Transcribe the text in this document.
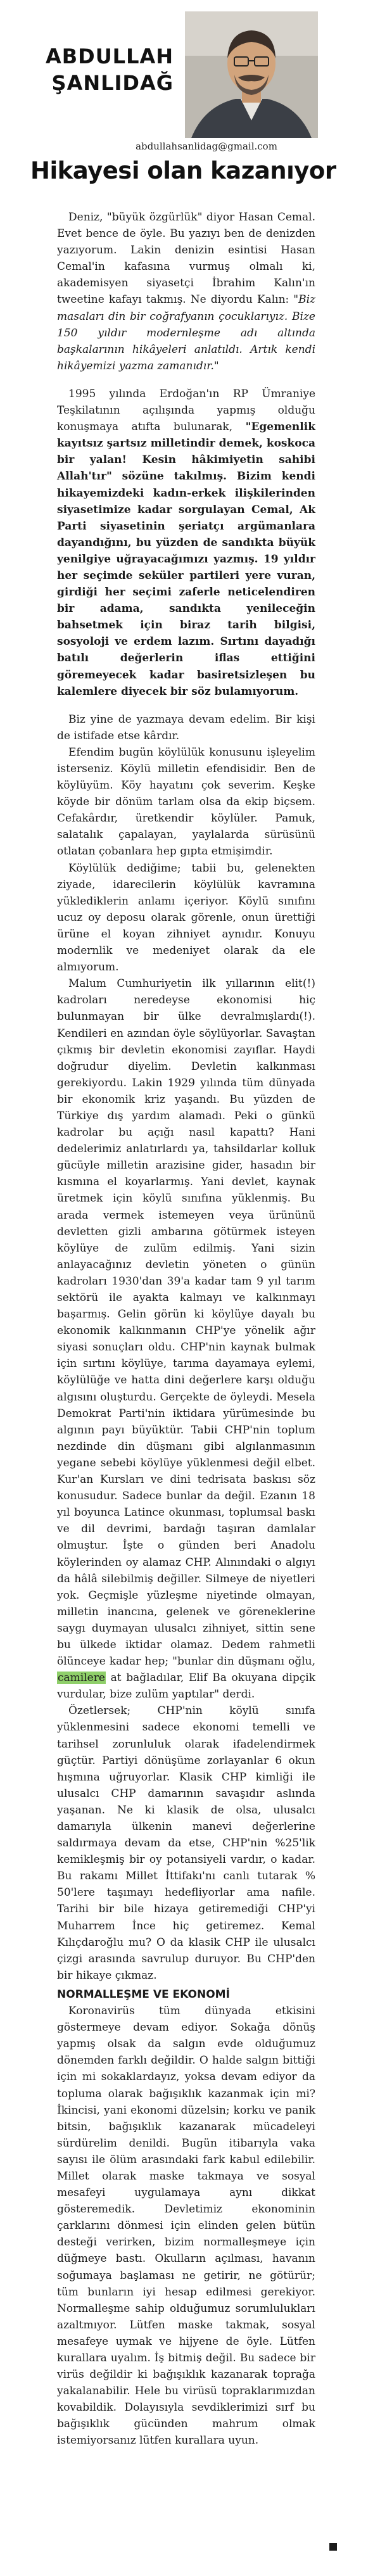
ABDULLAH
ŞANLIDAĞ
abdullahsanlidag@gmail.com
Hikayesi olan kazanıyor

Deniz, "büyük özgürlük" diyor Hasan Cemal. Evet bence de öyle. Bu yazıyı ben de denizden yazıyorum. Lakin denizin esintisi Hasan Cemal'in kafasına vurmuş olmalı ki, akademisyen siyasetçi İbrahim Kalın'ın tweetine kafayı takmış. Ne diyordu Kalın: "Biz masaları din bir coğrafyanın çocuklarıyız. Bize 150 yıldır modernleşme adı altında başkalarının hikâyeleri anlatıldı. Artık kendi hikâyemizi yazma zamanıdır."

1995 yılında Erdoğan'ın RP Ümraniye Teşkilatının açılışında yapmış olduğu konuşmaya atıfta bulunarak, "Egemenlik kayıtsız şartsız milletindir demek, koskoca bir yalan! Kesin hâkimiyetin sahibi Allah'tır" sözüne takılmış. Bizim kendi hikayemizdeki kadın-erkek ilişkilerinden siyasetimize kadar sorgulayan Cemal, Ak Parti siyasetinin şeriatçı argümanlara dayandığını, bu yüzden de sandıkta büyük yenilgiye uğrayacağımızı yazmış. 19 yıldır her seçimde seküler partileri yere vuran, girdiği her seçimi zaferle neticelendiren bir adama, sandıkta yenileceğin bahsetmek için biraz tarih bilgisi, sosyoloji ve erdem lazım. Sırtını dayadığı batılı değerlerin iflas ettiğini göremeyecek kadar basiretsizleşen bu kalemlere diyecek bir söz bulamıyorum.

Biz yine de yazmaya devam edelim. Bir kişi de istifade etse kârdır.

Efendim bugün köylülük konusunu işleyelim isterseniz. Köylü milletin efendisidir. Ben de köylüyüm. Köy hayatını çok severim. Keşke köyde bir dönüm tarlam olsa da ekip biçsem. Cefakârdır, üretkendir köylüler. Pamuk, salatalık çapalayan, yaylalarda sürüsünü otlatan çobanlara hep gıpta etmişimdir.

Köylülük dediğime; tabii bu, gelenekten ziyade, idarecilerin köylülük kavramına yüklediklerin anlamı içeriyor. Köylü sınıfını ucuz oy deposu olarak görenle, onun ürettiği ürüne el koyan zihniyet aynıdır. Konuyu modernlik ve medeniyet olarak da ele almıyorum.

Malum Cumhuriyetin ilk yıllarının elit(!) kadroları neredeyse ekonomisi hiç bulunmayan bir ülke devralmışlardı(!). Kendileri en azından öyle söylüyorlar. Savaştan çıkmış bir devletin ekonomisi zayıflar. Haydi doğrudur diyelim. Devletin kalkınması gerekiyordu. Lakin 1929 yılında tüm dünyada bir ekonomik kriz yaşandı. Bu yüzden de Türkiye dış yardım alamadı. Peki o günkü kadrolar bu açığı nasıl kapattı? Hani dedelerimiz anlatırlardı ya, tahsildarlar kolluk gücüyle milletin arazisine gider, hasadın bir kısmına el koyarlarmış. Yani devlet, kaynak üretmek için köylü sınıfına yüklenmiş. Bu arada vermek istemeyen veya ürününü devletten gizli ambarına götürmek isteyen köylüye de zulüm edilmiş. Yani sizin anlayacağınız devletin yöneten o günün kadroları 1930'dan 39'a kadar tam 9 yıl tarım sektörü ile ayakta kalmayı ve kalkınmayı başarmış. Gelin görün ki köylüye dayalı bu ekonomik kalkınmanın CHP'ye yönelik ağır siyasi sonuçları oldu. CHP'nin kaynak bulmak için sırtını köylüye, tarıma dayamaya eylemi, köylülüğe ve hatta dini değerlere karşı olduğu algısını oluşturdu. Gerçekte de öyleydi. Mesela Demokrat Parti'nin iktidara yürümesinde bu algının payı büyüktür. Tabii CHP'nin toplum nezdinde din düşmanı gibi algılanmasının yegane sebebi köylüye yüklenmesi değil elbet. Kur'an Kursları ve dini tedrisata baskısı söz konusudur. Sadece bunlar da değil. Ezanın 18 yıl boyunca Latince okunması, toplumsal baskı ve dil devrimi, bardağı taşıran damlalar olmuştur. İşte o günden beri Anadolu köylerinden oy alamaz CHP. Alınındaki o algıyı da hâlâ silebilmiş değiller. Silmeye de niyetleri yok. Geçmişle yüzleşme niyetinde olmayan, milletin inancına, gelenek ve göreneklerine saygı duymayan ulusalcı zihniyet, sittin sene bu ülkede iktidar olamaz. Dedem rahmetli ölünceye kadar hep; "bunlar din düşmanı oğlu, camilere at bağladılar, Elif Ba okuyana dipçik vurdular, bize zulüm yaptılar" derdi.

Özetlersek; CHP'nin köylü sınıfa yüklenmesini sadece ekonomi temelli ve tarihsel zorunluluk olarak ifadelendirmek güçtür. Partiyi dönüşüme zorlayanlar 6 okun hışmına uğruyorlar. Klasik CHP kimliği ile ulusalcı CHP damarının savaşıdır aslında yaşanan. Ne ki klasik de olsa, ulusalcı damarıyla ülkenin manevi değerlerine saldırmaya devam da etse, CHP'nin %25'lik kemikleşmiş bir oy potansiyeli vardır, o kadar. Bu rakamı Millet İttifakı'nı canlı tutarak % 50'lere taşımayı hedefliyorlar ama nafile. Tarihi bir bile hizaya getiremediği CHP'yi Muharrem İnce hiç getiremez. Kemal Kılıçdaroğlu mu? O da klasik CHP ile ulusalcı çizgi arasında savrulup duruyor. Bu CHP'den bir hikaye çıkmaz.

NORMALLEŞME VE EKONOMİ

Koronavirüs tüm dünyada etkisini göstermeye devam ediyor. Sokağa dönüş yapmış olsak da salgın evde olduğumuz dönemden farklı değildir. O halde salgın bittiği için mi sokaklardayız, yoksa devam ediyor da topluma olarak bağışıklık kazanmak için mi? İkincisi, yani ekonomi düzelsin; korku ve panik bitsin, bağışıklık kazanarak mücadeleyi sürdürelim denildi. Bugün itibarıyla vaka sayısı ile ölüm arasındaki fark kabul edilebilir. Millet olarak maske takmaya ve sosyal mesafeyi uygulamaya aynı dikkat gösteremedik. Devletimiz ekonominin çarklarını dönmesi için elinden gelen bütün desteği verirken, bizim normalleşmeye için düğmeye bastı. Okulların açılması, havanın soğumaya başlaması ne getirir, ne götürür; tüm bunların iyi hesap edilmesi gerekiyor. Normalleşme sahip olduğumuz sorumlulukları azaltmıyor. Lütfen maske takmak, sosyal mesafeye uymak ve hijyene de öyle. Lütfen kurallara uyalım. İş bitmiş değil. Bu sadece bir virüs değildir ki bağışıklık kazanarak toprağa yakalanabilir. Hele bu virüsü topraklarımızdan kovabildik. Dolayısıyla sevdiklerimizi sırf bu bağışıklık gücünden mahrum olmak istemiyorsanız lütfen kurallara uyun.
